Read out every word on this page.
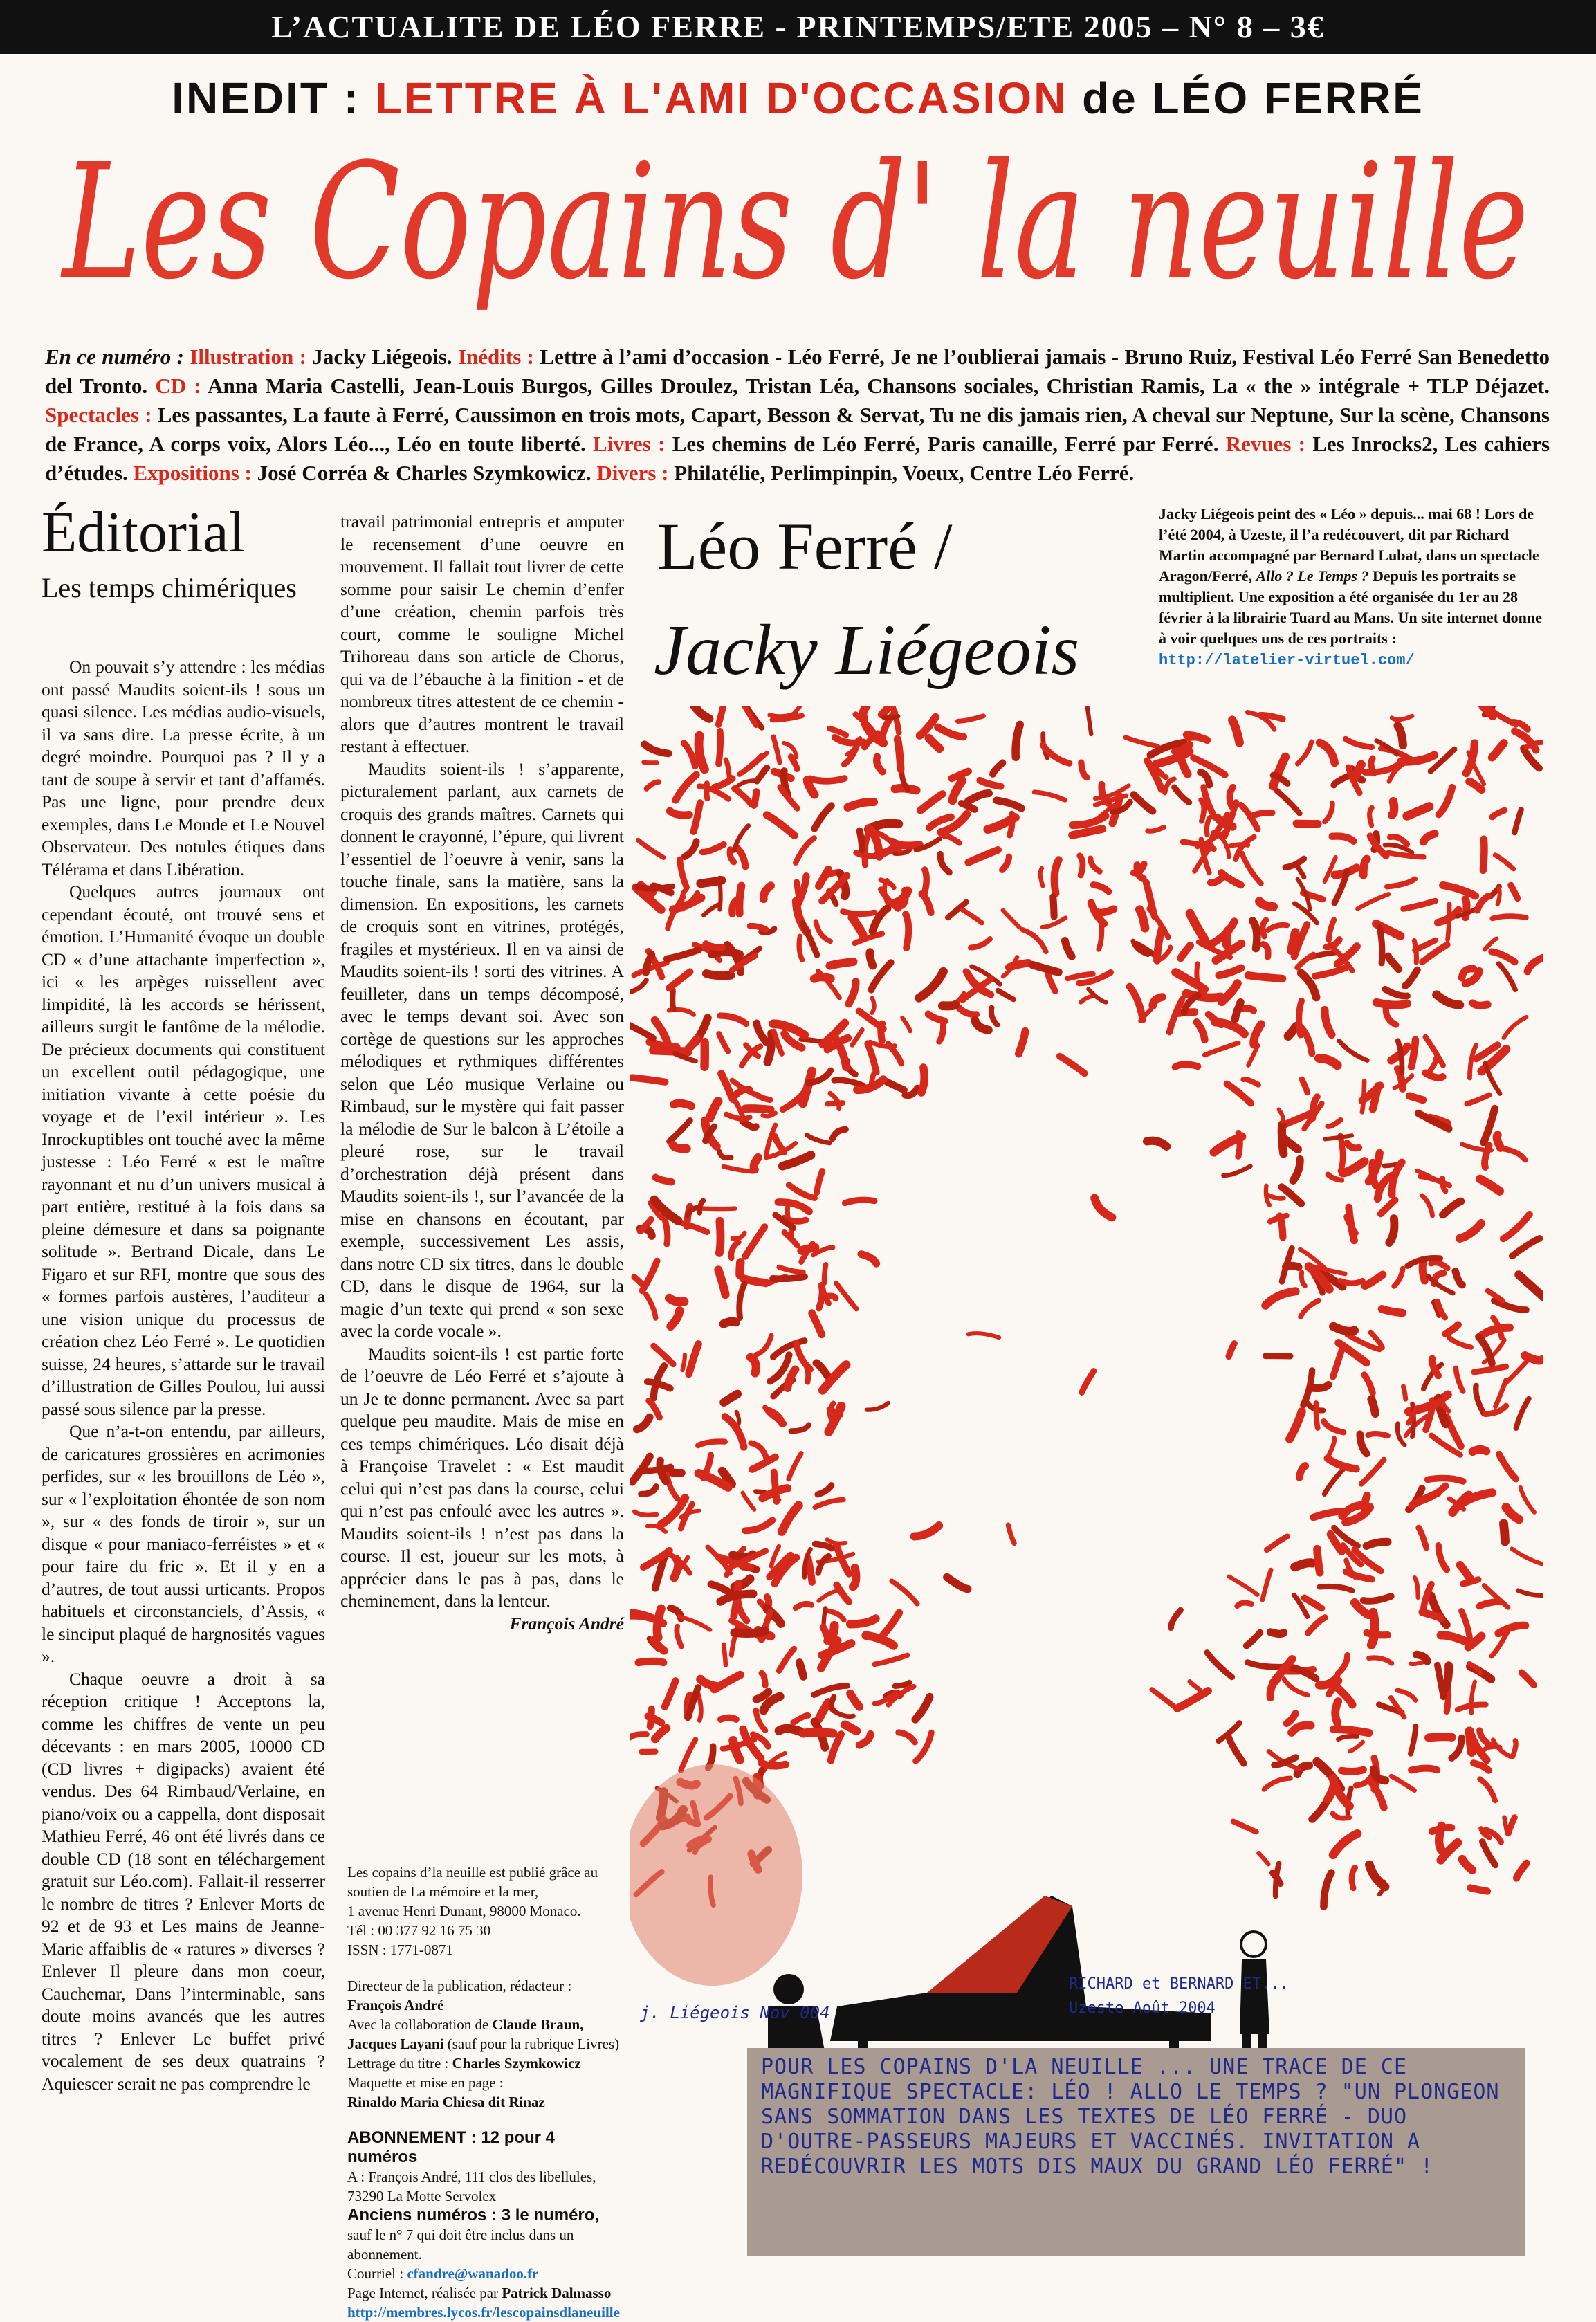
L’ACTUALITE DE LÉO FERRE - PRINTEMPS/ETE 2005 – N° 8 – 3€
INEDIT : LETTRE À L'AMI D'OCCASION de LÉO FERRÉ
Les Copains d' la neuille
En ce numéro : Illustration : Jacky Liégeois. Inédits : Lettre à l’ami d’occasion - Léo Ferré, Je ne l’oublierai jamais - Bruno Ruiz, Festival Léo Ferré San Benedetto del Tronto. CD : Anna Maria Castelli, Jean-Louis Burgos, Gilles Droulez, Tristan Léa, Chansons sociales, Christian Ramis, La « the » intégrale + TLP Déjazet. Spectacles : Les passantes, La faute à Ferré, Caussimon en trois mots, Capart, Besson & Servat, Tu ne dis jamais rien, A cheval sur Neptune, Sur la scène, Chansons de France, A corps voix, Alors Léo..., Léo en toute liberté. Livres : Les chemins de Léo Ferré, Paris canaille, Ferré par Ferré. Revues : Les Inrocks2, Les cahiers d’études. Expositions : José Corréa & Charles Szymkowicz. Divers : Philatélie, Perlimpinpin, Voeux, Centre Léo Ferré.
Éditorial
Les temps chimériques

On pouvait s’y attendre : les médias ont passé Maudits soient-ils ! sous un quasi silence. Les médias audio-visuels, il va sans dire. La presse écrite, à un degré moindre. Pourquoi pas ? Il y a tant de soupe à servir et tant d’affamés. Pas une ligne, pour prendre deux exemples, dans Le Monde et Le Nouvel Observateur. Des notules étiques dans Télérama et dans Libération.

Quelques autres journaux ont cependant écouté, ont trouvé sens et émotion. L’Humanité évoque un double CD « d’une attachante imperfection », ici « les arpèges ruissellent avec limpidité, là les accords se hérissent, ailleurs surgit le fantôme de la mélodie. De précieux documents qui constituent un excellent outil pédagogique, une initiation vivante à cette poésie du voyage et de l’exil intérieur ». Les Inrockuptibles ont touché avec la même justesse : Léo Ferré « est le maître rayonnant et nu d’un univers musical à part entière, restitué à la fois dans sa pleine démesure et dans sa poignante solitude ». Bertrand Dicale, dans Le Figaro et sur RFI, montre que sous des « formes parfois austères, l’auditeur a une vision unique du processus de création chez Léo Ferré ». Le quotidien suisse, 24 heures, s’attarde sur le travail d’illustration de Gilles Poulou, lui aussi passé sous silence par la presse.

Que n’a-t-on entendu, par ailleurs, de caricatures grossières en acrimonies perfides, sur « les brouillons de Léo », sur « l’exploitation éhontée de son nom », sur « des fonds de tiroir », sur un disque « pour maniaco-ferréistes » et « pour faire du fric ». Et il y en a d’autres, de tout aussi urticants. Propos habituels et circonstanciels, d’Assis, « le sinciput plaqué de hargnosités vagues ».

Chaque oeuvre a droit à sa réception critique ! Acceptons la, comme les chiffres de vente un peu décevants : en mars 2005, 10000 CD (CD livres + digipacks) avaient été vendus. Des 64 Rimbaud/Verlaine, en piano/voix ou a cappella, dont disposait Mathieu Ferré, 46 ont été livrés dans ce double CD (18 sont en téléchargement gratuit sur Léo.com). Fallait-il resserrer le nombre de titres ? Enlever Morts de 92 et de 93 et Les mains de Jeanne-Marie affaiblis de « ratures » diverses ? Enlever Il pleure dans mon coeur, Cauchemar, Dans l’interminable, sans doute moins avancés que les autres titres ? Enlever Le buffet privé vocalement de ses deux quatrains ? Aquiescer serait ne pas comprendre le

travail patrimonial entrepris et amputer le recensement d’une oeuvre en mouvement. Il fallait tout livrer de cette somme pour saisir Le chemin d’enfer d’une création, chemin parfois très court, comme le souligne Michel Trihoreau dans son article de Chorus, qui va de l’ébauche à la finition - et de nombreux titres attestent de ce chemin - alors que d’autres montrent le travail restant à effectuer.

Maudits soient-ils ! s’apparente, picturalement parlant, aux carnets de croquis des grands maîtres. Carnets qui donnent le crayonné, l’épure, qui livrent l’essentiel de l’oeuvre à venir, sans la touche finale, sans la matière, sans la dimension. En expositions, les carnets de croquis sont en vitrines, protégés, fragiles et mystérieux. Il en va ainsi de Maudits soient-ils ! sorti des vitrines. A feuilleter, dans un temps décomposé, avec le temps devant soi. Avec son cortège de questions sur les approches mélodiques et rythmiques différentes selon que Léo musique Verlaine ou Rimbaud, sur le mystère qui fait passer la mélodie de Sur le balcon à L’étoile a pleuré rose, sur le travail d’orchestration déjà présent dans Maudits soient-ils !, sur l’avancée de la mise en chansons en écoutant, par exemple, successivement Les assis, dans notre CD six titres, dans le double CD, dans le disque de 1964, sur la magie d’un texte qui prend « son sexe avec la corde vocale ».

Maudits soient-ils ! est partie forte de l’oeuvre de Léo Ferré et s’ajoute à un Je te donne permanent. Avec sa part quelque peu maudite. Mais de mise en ces temps chimériques. Léo disait déjà à Françoise Travelet : « Est maudit celui qui n’est pas dans la course, celui qui n’est pas enfoulé avec les autres ». Maudits soient-ils ! n’est pas dans la course. Il est, joueur sur les mots, à apprécier dans le pas à pas, dans le cheminement, dans la lenteur.

François André

Les copains d’la neuille est publié grâce au soutien de La mémoire et la mer,
1 avenue Henri Dunant, 98000 Monaco.
Tél : 00 377 92 16 75 30
ISSN : 1771-0871
Directeur de la publication, rédacteur :
François André
Avec la collaboration de Claude Braun,
Jacques Layani (sauf pour la rubrique Livres)
Lettrage du titre : Charles Szymkowicz
Maquette et mise en page :
Rinaldo Maria Chiesa dit Rinaz
ABONNEMENT : 12 pour 4 numéros
A : François André, 111 clos des libellules, 73290 La Motte Servolex
Anciens numéros : 3 le numéro,
sauf le n° 7 qui doit être inclus dans un abonnement.
Courriel : cfandre@wanadoo.fr
Page Internet, réalisée par Patrick Dalmasso
http://membres.lycos.fr/lescopainsdlaneuille
Léo Ferré /
Jacky Liégeois
Jacky Liégeois peint des « Léo » depuis... mai 68 ! Lors de l’été 2004, à Uzeste, il l’a redécouvert, dit par Richard Martin accompagné par Bernard Lubat, dans un spectacle Aragon/Ferré, Allo ? Le Temps ? Depuis les portraits se multiplient. Une exposition a été organisée du 1er au 28 février à la librairie Tuard au Mans. Un site internet donne à voir quelques uns de ces portraits :
http://latelier-virtuel.com/
RICHARD et BERNARD ET...
j. Liégeois Nov 004	Uzeste Août 2004
POUR LES COPAINS D'LA NEUILLE ... UNE TRACE DE CE MAGNIFIQUE SPECTACLE: LÉO ! ALLO LE TEMPS ? "UN PLONGEON SANS SOMMATION DANS LES TEXTES DE LÉO FERRÉ - DUO D'OUTRE-PASSEURS MAJEURS ET VACCINÉS. INVITATION A REDÉCOUVRIR LES MOTS DIS MAUX DU GRAND LÉO FERRÉ" !
